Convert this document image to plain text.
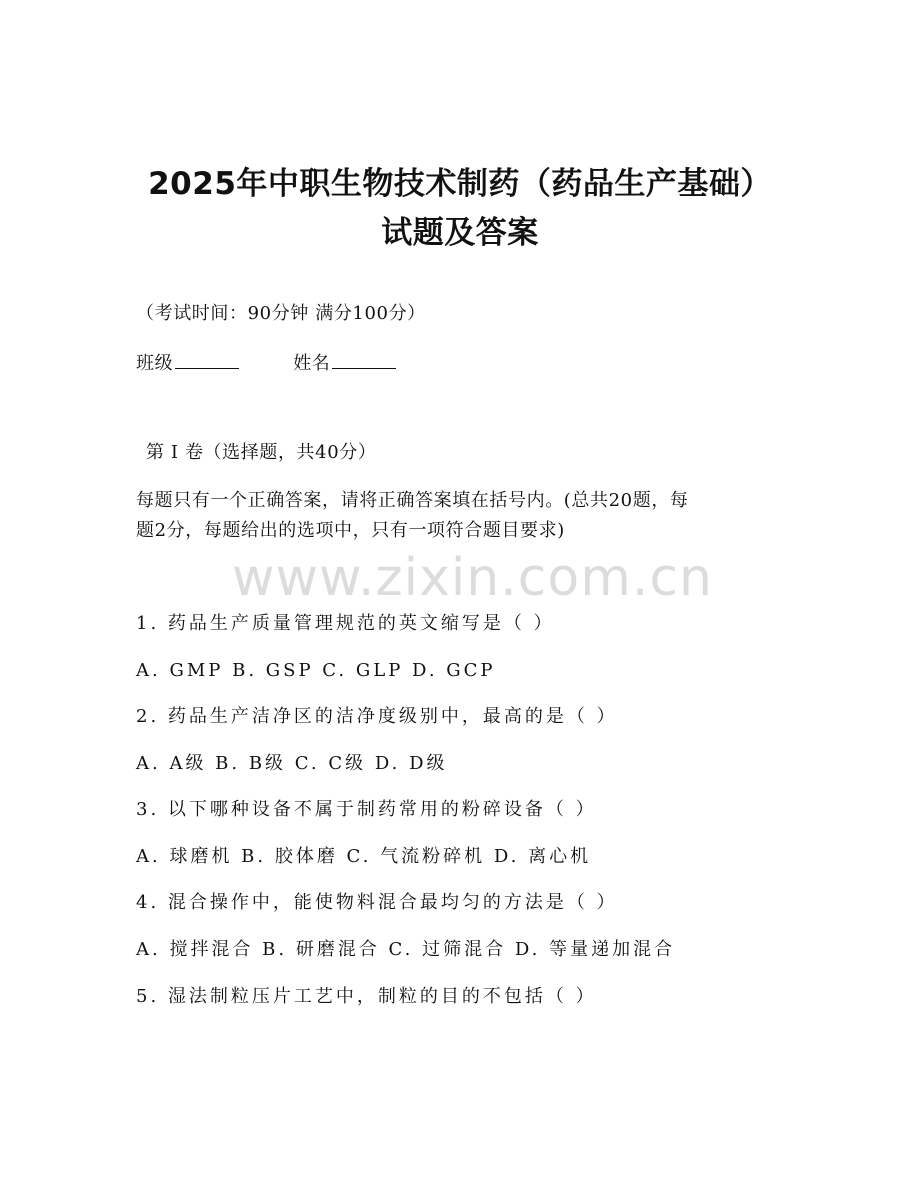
2025年中职生物技术制药（药品生产基础）
试题及答案
（考试时间：90分钟 满分100分）
班级	姓名
第 I 卷（选择题，共40分）
每题只有一个正确答案，请将正确答案填在括号内。(总共20题，每
题2分，每题给出的选项中，只有一项符合题目要求)
www.zixin.com.cn
1. 药品生产质量管理规范的英文缩写是（ ）
A. GMP B. GSP C. GLP D. GCP
2. 药品生产洁净区的洁净度级别中，最高的是（ ）
A. A级 B. B级 C. C级 D. D级
3. 以下哪种设备不属于制药常用的粉碎设备（ ）
A. 球磨机 B. 胶体磨 C. 气流粉碎机 D. 离心机
4. 混合操作中，能使物料混合最均匀的方法是（ ）
A. 搅拌混合 B. 研磨混合 C. 过筛混合 D. 等量递加混合
5. 湿法制粒压片工艺中，制粒的目的不包括（ ）
